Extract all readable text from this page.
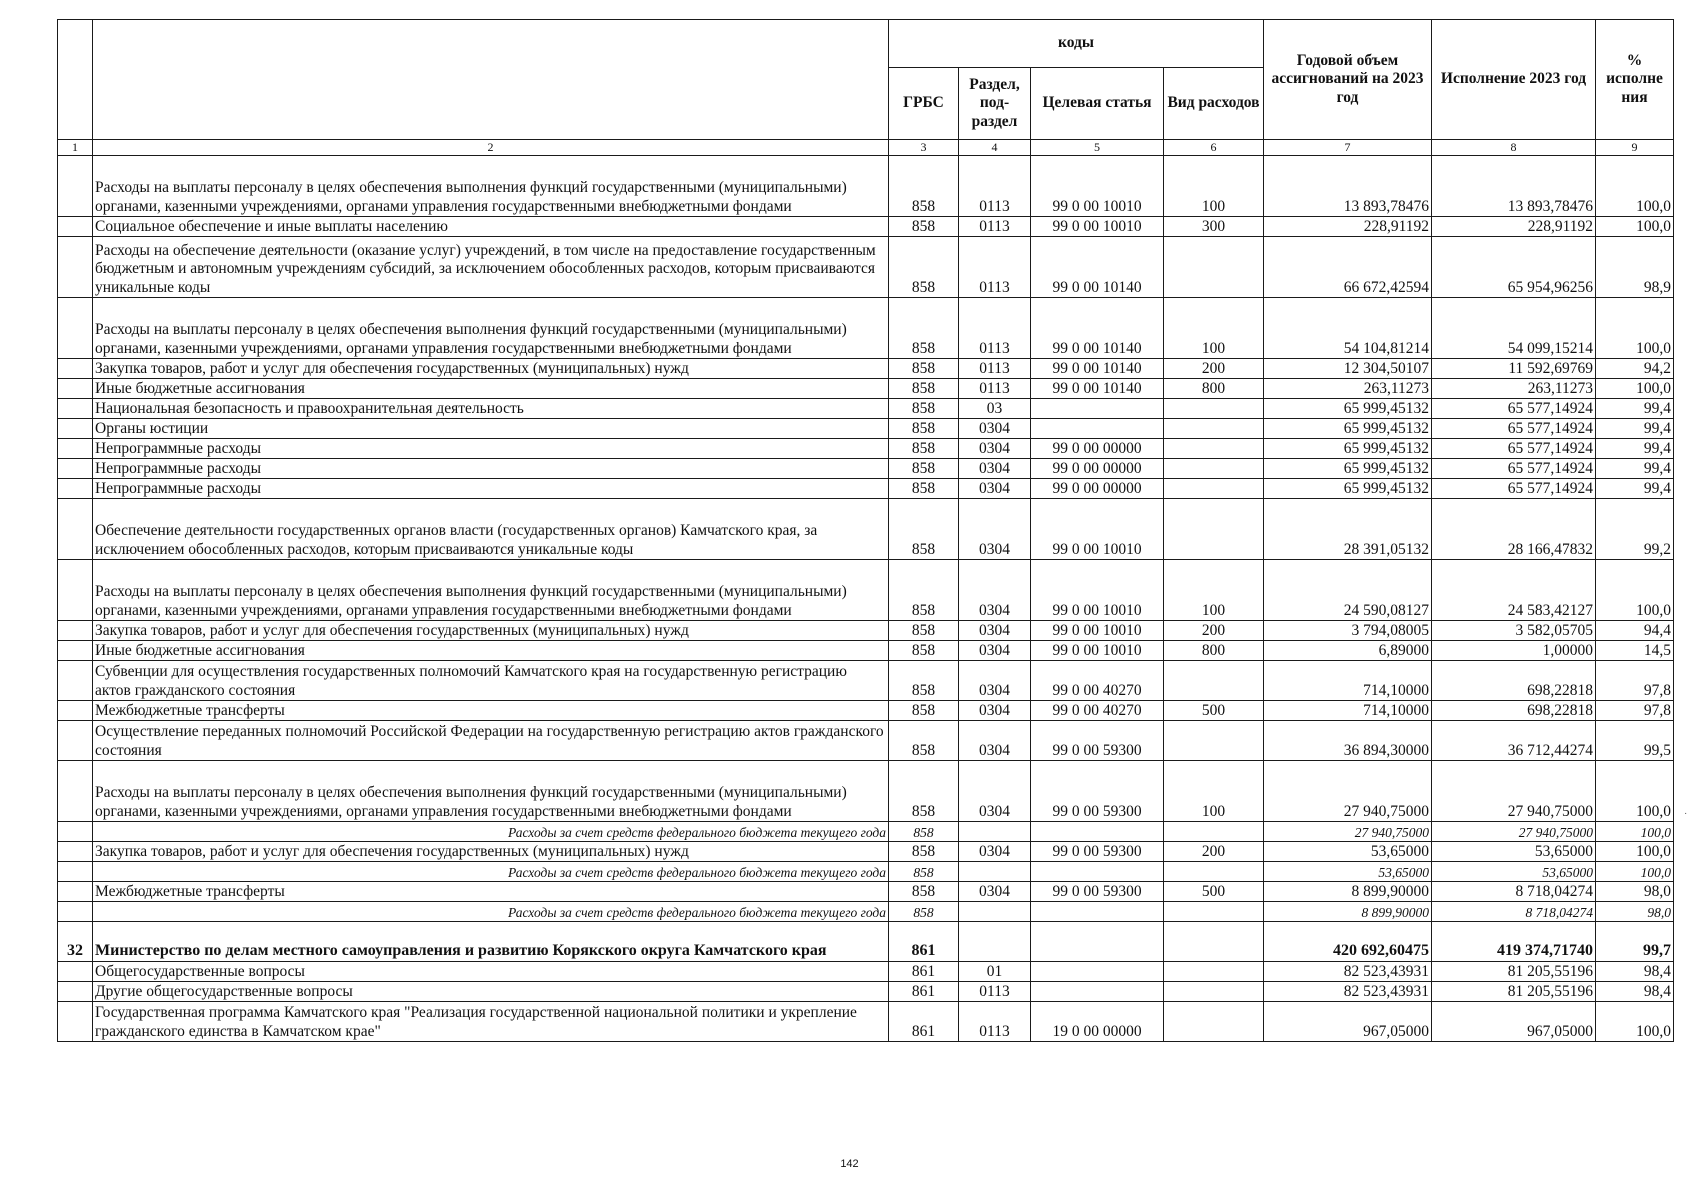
		коды				Годовой объем ассигнований на 2023 год	Исполнение 2023 год	% исполне ния
		ГРБС	Раздел, под-раздел	Целевая статья	Вид расходов			
1	2	3	4	5	6	7	8	9
	Расходы на выплаты персоналу в целях обеспечения выполнения функций государственными (муниципальными) органами, казенными учреждениями, органами управления государственными внебюджетными фондами	858	0113	99 0 00 10010	100	13 893,78476	13 893,78476	100,0
	Социальное обеспечение и иные выплаты населению	858	0113	99 0 00 10010	300	228,91192	228,91192	100,0
	Расходы на обеспечение деятельности (оказание услуг) учреждений, в том числе на предоставление государственным бюджетным и автономным учреждениям субсидий, за исключением обособленных расходов, которым присваиваются уникальные коды	858	0113	99 0 00 10140		66 672,42594	65 954,96256	98,9
	Расходы на выплаты персоналу в целях обеспечения выполнения функций государственными (муниципальными) органами, казенными учреждениями, органами управления государственными внебюджетными фондами	858	0113	99 0 00 10140	100	54 104,81214	54 099,15214	100,0
	Закупка товаров, работ и услуг для обеспечения государственных (муниципальных) нужд	858	0113	99 0 00 10140	200	12 304,50107	11 592,69769	94,2
	Иные бюджетные ассигнования	858	0113	99 0 00 10140	800	263,11273	263,11273	100,0
	Национальная безопасность и правоохранительная деятельность	858	03			65 999,45132	65 577,14924	99,4
	Органы юстиции	858	0304			65 999,45132	65 577,14924	99,4
	Непрограммные расходы	858	0304	99 0 00 00000		65 999,45132	65 577,14924	99,4
	Непрограммные расходы	858	0304	99 0 00 00000		65 999,45132	65 577,14924	99,4
	Непрограммные расходы	858	0304	99 0 00 00000		65 999,45132	65 577,14924	99,4
	Обеспечение деятельности государственных органов власти (государственных органов) Камчатского края, за исключением обособленных расходов, которым присваиваются уникальные коды	858	0304	99 0 00 10010		28 391,05132	28 166,47832	99,2
	Расходы на выплаты персоналу в целях обеспечения выполнения функций государственными (муниципальными) органами, казенными учреждениями, органами управления государственными внебюджетными фондами	858	0304	99 0 00 10010	100	24 590,08127	24 583,42127	100,0
	Закупка товаров, работ и услуг для обеспечения государственных (муниципальных) нужд	858	0304	99 0 00 10010	200	3 794,08005	3 582,05705	94,4
	Иные бюджетные ассигнования	858	0304	99 0 00 10010	800	6,89000	1,00000	14,5
	Субвенции для осуществления государственных полномочий Камчатского края на государственную регистрацию актов гражданского состояния	858	0304	99 0 00 40270		714,10000	698,22818	97,8
	Межбюджетные трансферты	858	0304	99 0 00 40270	500	714,10000	698,22818	97,8
	Осуществление переданных полномочий Российской Федерации на государственную регистрацию актов гражданского состояния	858	0304	99 0 00 59300		36 894,30000	36 712,44274	99,5
	Расходы на выплаты персоналу в целях обеспечения выполнения функций государственными (муниципальными) органами, казенными учреждениями, органами управления государственными внебюджетными фондами	858	0304	99 0 00 59300	100	27 940,75000	27 940,75000	100,0
	Расходы за счет средств федерального бюджета текущего года	858				27 940,75000	27 940,75000	100,0
	Закупка товаров, работ и услуг для обеспечения государственных (муниципальных) нужд	858	0304	99 0 00 59300	200	53,65000	53,65000	100,0
	Расходы за счет средств федерального бюджета текущего года	858				53,65000	53,65000	100,0
	Межбюджетные трансферты	858	0304	99 0 00 59300	500	8 899,90000	8 718,04274	98,0
	Расходы за счет средств федерального бюджета текущего года	858				8 899,90000	8 718,04274	98,0
32	Министерство по делам местного самоуправления и развитию Корякского округа Камчатского края	861				420 692,60475	419 374,71740	99,7
	Общегосударственные вопросы	861	01			82 523,43931	81 205,55196	98,4
	Другие общегосударственные вопросы	861	0113			82 523,43931	81 205,55196	98,4
	Государственная программа Камчатского края "Реализация государственной национальной политики и укрепление гражданского единства в Камчатском крае"	861	0113	19 0 00 00000		967,05000	967,05000	100,0
142
·
